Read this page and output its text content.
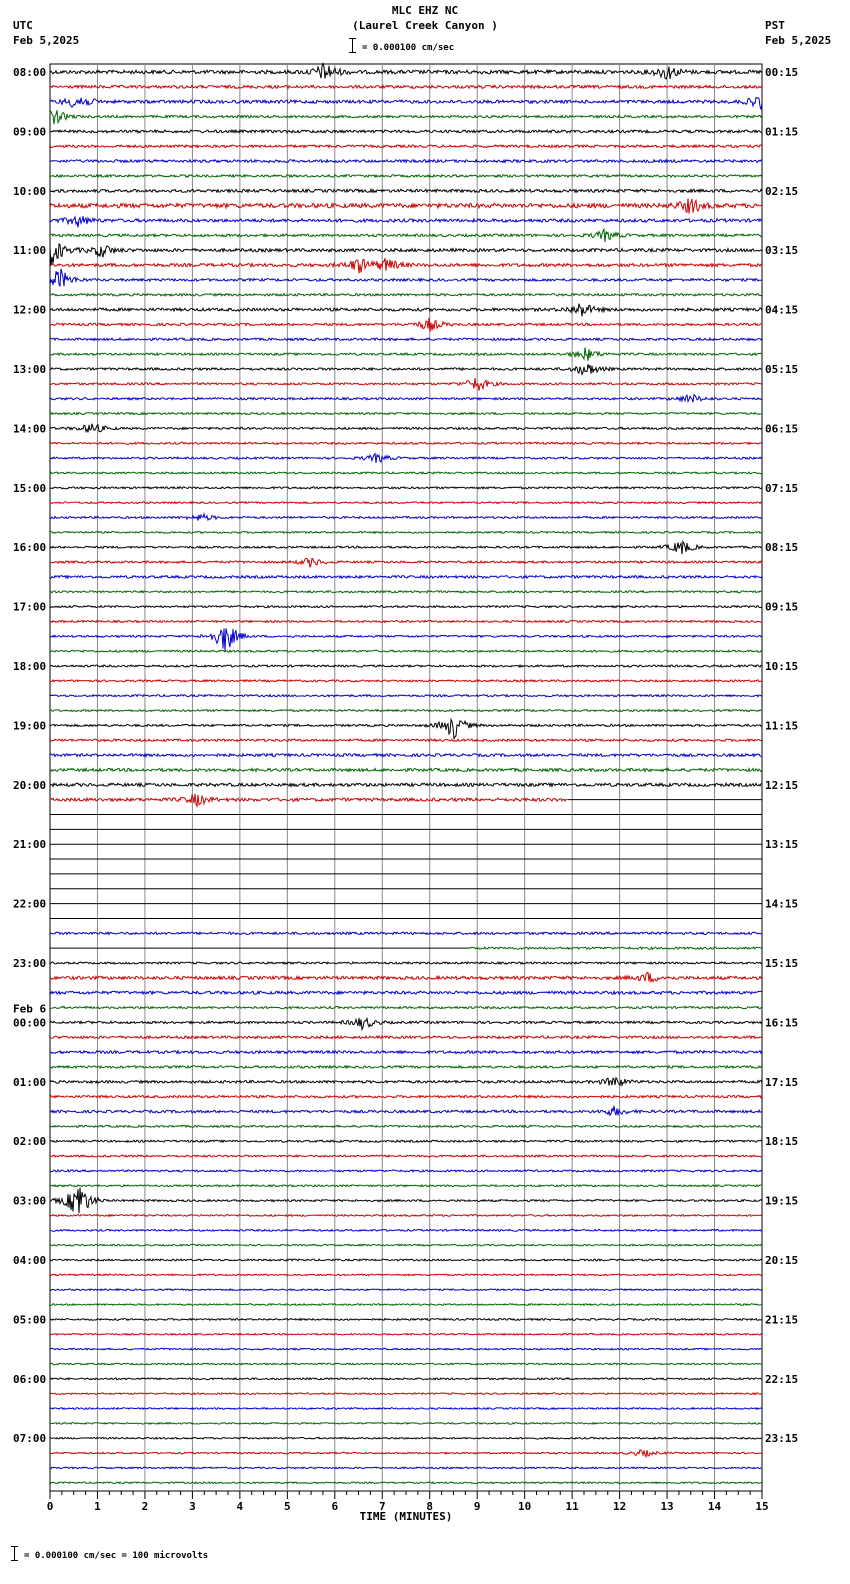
MLC EHZ NC
(Laurel Creek Canyon )
= 0.000100 cm/sec
UTC
Feb 5,2025
PST
Feb 5,2025
08:00
09:00
10:00
11:00
12:00
13:00
14:00
15:00
16:00
17:00
18:00
19:00
20:00
21:00
22:00
23:00
00:00
01:00
02:00
03:00
04:00
05:00
06:00
07:00
00:15
01:15
02:15
03:15
04:15
05:15
06:15
07:15
08:15
09:15
10:15
11:15
12:15
13:15
14:15
15:15
16:15
17:15
18:15
19:15
20:15
21:15
22:15
23:15
Feb 6
0	1	2	3	4	5	6	7	8	9	10	11	12	13	14	15
TIME (MINUTES)
= 0.000100 cm/sec = 100 microvolts
